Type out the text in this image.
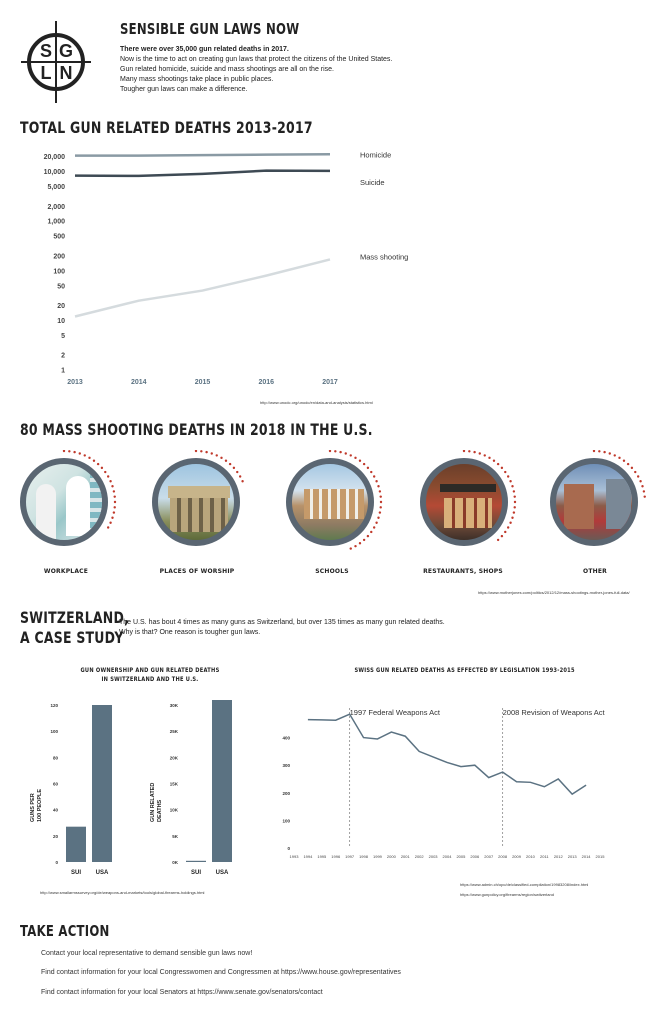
S G
L N
SENSIBLE GUN LAWS NOW
There were over 35,000 gun related deaths in 2017.
Now is the time to act on creating gun laws that protect the citizens of the United States.
Gun related homicide, suicide and mass shootings are all on the rise.
Many mass shootings take place in public places.
Tougher gun laws can make a difference.
TOTAL GUN RELATED DEATHS 2013-2017
1
2
5
10
20
50
100
200
500
1,000
2,000
5,000
10,000
20,000
2013	2014	2015	2016	2017
Homicide
Suicide
Mass shooting
http://www.unodc.org/unodc/en/data-and-analysis/statistics.html
80 MASS SHOOTING DEATHS IN 2018 IN THE U.S.
WORKPLACE	PLACES OF WORSHIP	SCHOOLS	RESTAURANTS, SHOPS	OTHER
https://www.motherjones.com/politics/2012/12/mass-shootings-mother-jones-full-data/
SWITZERLAND,
A CASE STUDY
The U.S. has bout 4 times as many guns as Switzerland, but over 135 times as many gun related deaths.
Why is that? One reason is tougher gun laws.
GUN OWNERSHIP AND GUN RELATED DEATHS
IN SWITZERLAND AND THE U.S.
0
20
40
60
80
100
120
SUI USA
GUNS PER 100 PEOPLE
0K
5K
10K
15K
20K
25K
30K
SUI USA
GUN RELATED DEATHS
http://www.smallarmssurvey.org/de/weapons-and-markets/tools/global-firearms-holdings.html
SWISS GUN RELATED DEATHS AS EFFECTED BY LEGISLATION 1993-2015
0
100
200
300
400
1993 1994 1995 1996 1997 1998 1999 2000 2001 2002 2003 2004 2005 2006 2007 2008 2009 2010 2011 2012 2013 2014 2015
1997 Federal Weapons Act	2008 Revision of Weapons Act
https://www.admin.ch/opc/de/classified-compilation/19983208/index.html
https://www.gunpolicy.org/firearms/region/switzerland
TAKE ACTION
Contact your local representative to demand sensible gun laws now!
Find contact information for your local Congresswomen and Congressmen at https://www.house.gov/representatives
Find contact information for your local Senators at https://www.senate.gov/senators/contact
